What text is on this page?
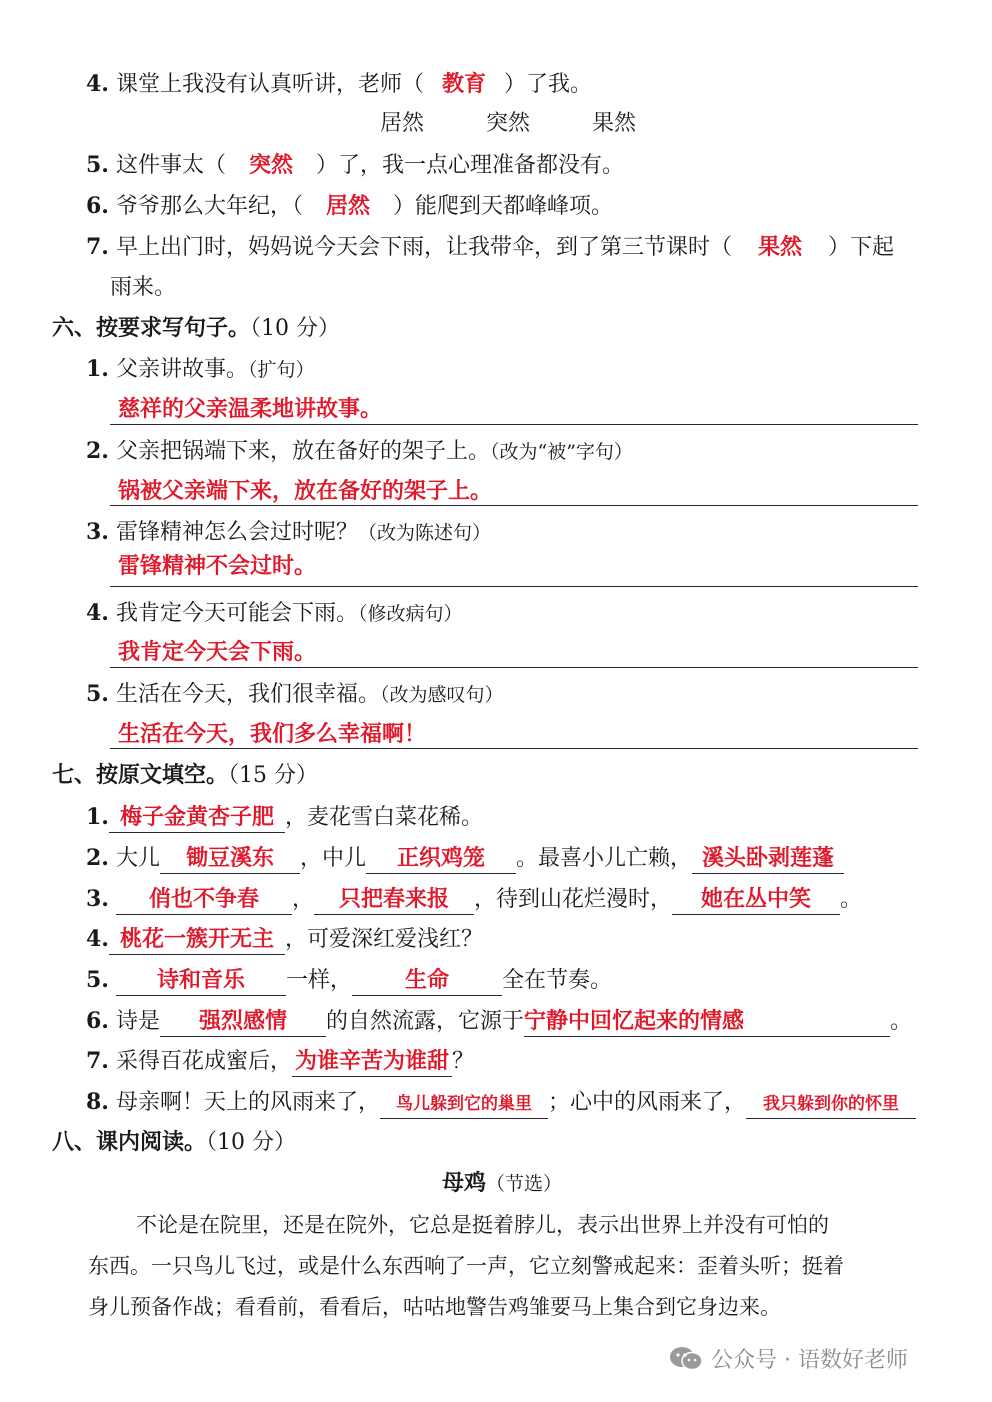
4. 课堂上我没有认真听讲，老师（ 教育 ）了我。
居然	突然	果然
5. 这件事太（ 突然 ）了，我一点心理准备都没有。
6. 爷爷那么大年纪，（ 居然 ）能爬到天都峰峰项。
7. 早上出门时，妈妈说今天会下雨，让我带伞，到了第三节课时（ 果然 ）下起
雨来。
六、按要求写句子。（10 分）
1. 父亲讲故事。（扩句）
慈祥的父亲温柔地讲故事。
2. 父亲把锅端下来，放在备好的架子上。（改为“被”字句）
锅被父亲端下来，放在备好的架子上。
3. 雷锋精神怎么会过时呢？（改为陈述句）
雷锋精神不会过时。
4. 我肯定今天可能会下雨。（修改病句）
我肯定今天会下雨。
5. 生活在今天，我们很幸福。（改为感叹句）
生活在今天，我们多么幸福啊！
七、按原文填空。（15 分）
1. 梅子金黄杏子肥 ，麦花雪白菜花稀。
2. 大儿 锄豆溪东 ，中儿 正织鸡笼 。最喜小儿亡赖， 溪头卧剥莲蓬
3. 俏也不争春 ， 只把春来报 ，待到山花烂漫时， 她在丛中笑 。
4. 桃花一簇开无主 ，可爱深红爱浅红？
5. 诗和音乐 一样， 生命 全在节奏。
6. 诗是 强烈感情 的自然流露，它源于宁静中回忆起来的情感	。
7. 采得百花成蜜后， 为谁辛苦为谁甜 ？
8. 母亲啊！天上的风雨来了， 鸟儿躲到它的巢里 ；心中的风雨来了， 我只躲到你的怀里
八、课内阅读。（10 分）
母鸡（节选）
不论是在院里，还是在院外，它总是挺着脖儿，表示出世界上并没有可怕的
东西。一只鸟儿飞过，或是什么东西响了一声，它立刻警戒起来：歪着头听；挺着
身儿预备作战；看看前，看看后，咕咕地警告鸡雏要马上集合到它身边来。
公众号 · 语数好老师
